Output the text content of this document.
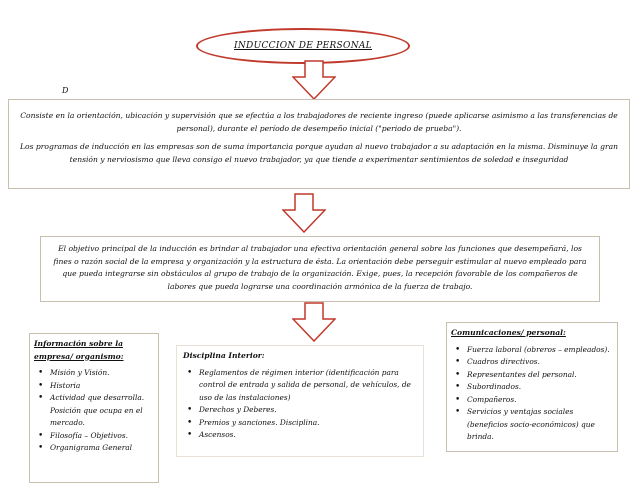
INDUCCION DE PERSONAL
D

Consiste en la orientación, ubicación y supervisión que se efectúa a los trabajadores de reciente ingreso (puede aplicarse asimismo a las transferencias de personal), durante el período de desempeño inicial ("periodo de prueba").

Los programas de inducción en las empresas son de suma importancia porque ayudan al nuevo trabajador a su adaptación en la misma. Disminuye la gran tensión y nerviosismo que lleva consigo el nuevo trabajador, ya que tiende a experimentar sentimientos de soledad e inseguridad

El objetivo principal de la inducción es brindar al trabajador una efectiva orientación general sobre las funciones que desempeñará, los fines o razón social de la empresa y organización y la estructura de ésta. La orientación debe perseguir estimular al nuevo empleado para que pueda integrarse sin obstáculos al grupo de trabajo de la organización. Exige, pues, la recepción favorable de los compañeros de labores que pueda lograrse una coordinación armónica de la fuerza de trabajo.

Información sobre la empresa/ organismo:

• Misión y Visión.
• Historia
• Actividad que desarrolla. Posición que ocupa en el mercado.
• Filosofía – Objetivos.
• Organigrama General

Disciplina Interior:

• Reglamentos de régimen interior (identificación para control de entrada y salida de personal, de vehículos, de uso de las instalaciones)
• Derechos y Deberes.
• Premios y sanciones. Disciplina.
• Ascensos.

Comunicaciones/ personal:

• Fuerza laboral (obreros – empleados).
• Cuadros directivos.
• Representantes del personal.
• Subordinados.
• Compañeros.
• Servicios y ventajas sociales (beneficios socio-económicos) que brinda.
